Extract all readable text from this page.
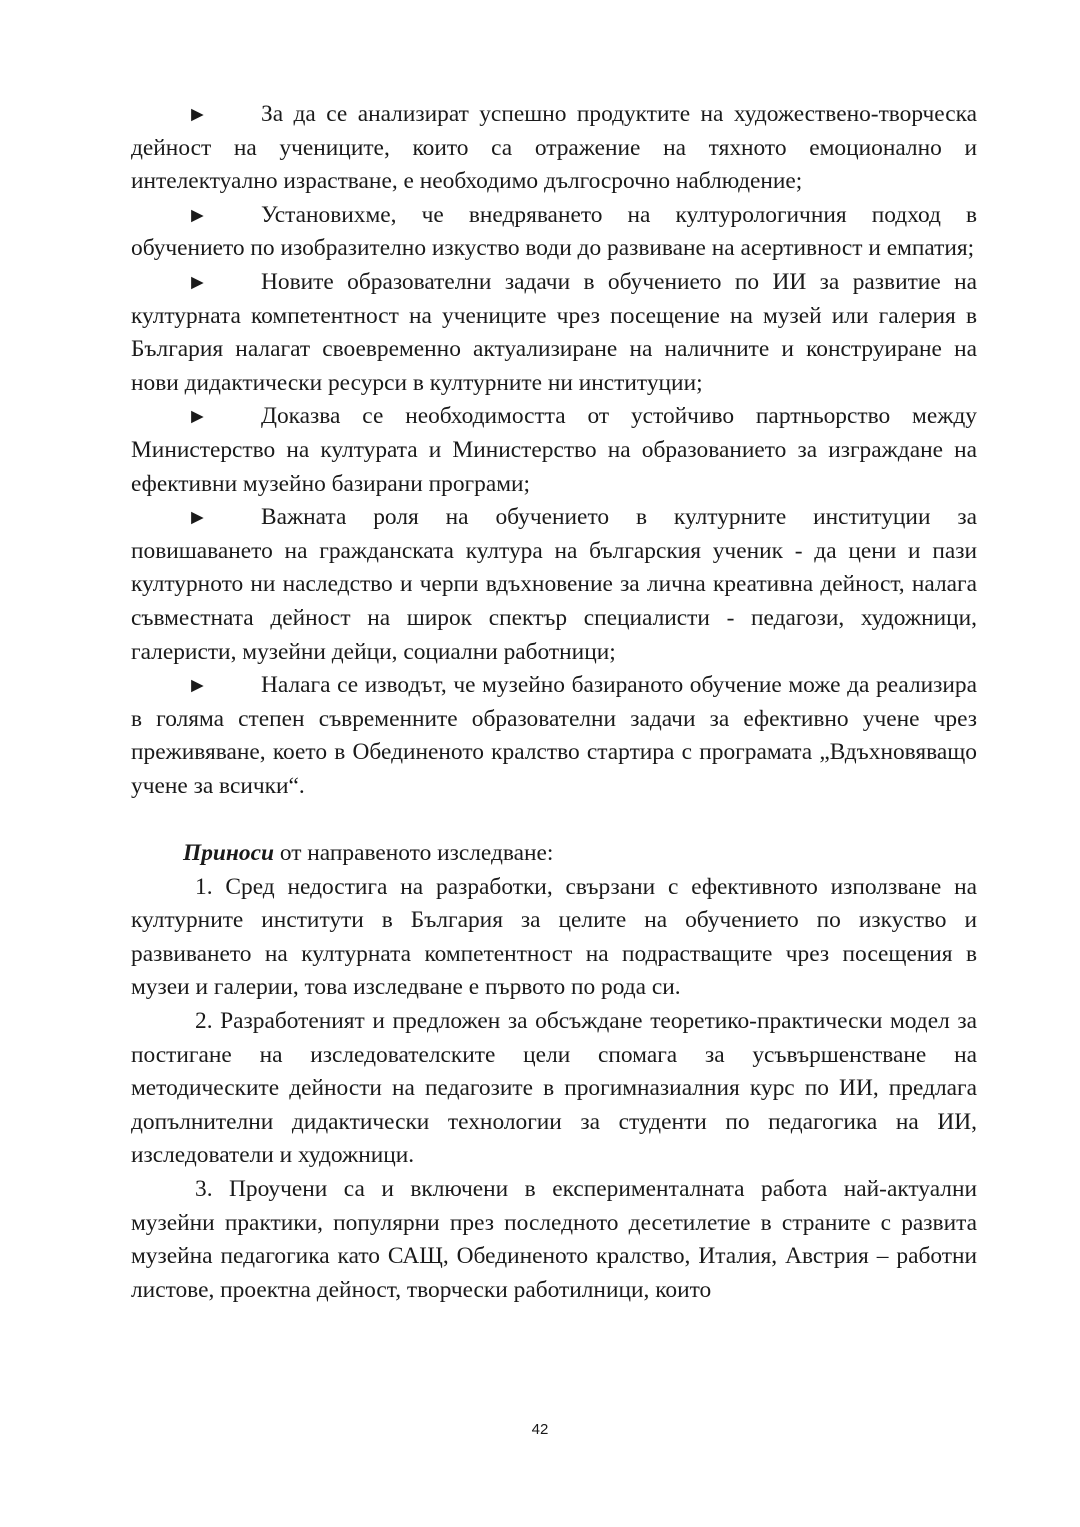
► За да се анализират успешно продуктите на художествено-творческа дейност на учениците, които са отражение на тяхното емоционално и интелектуално израстване, е необходимо дългосрочно наблюдение;

► Установихме, че внедряването на културологичния подход в обучението по изобразително изкуство води до развиване на асертивност и емпатия;

► Новите образователни задачи в обучението по ИИ за развитие на културната компетентност на учениците чрез посещение на музей или галерия в България налагат своевременно актуализиране на наличните и конструиране на нови дидактически ресурси в културните ни институции;

► Доказва се необходимостта от устойчиво партньорство между Министерство на културата и Министерство на образованието за изграждане на ефективни музейно базирани програми;

► Важната роля на обучението в културните институции за повишаването на гражданската култура на българския ученик - да цени и пази културното ни наследство и черпи вдъхновение за лична креативна дейност, налага съвместната дейност на широк спектър специалисти - педагози, художници, галеристи, музейни дейци, социални работници;

► Налага се изводът, че музейно базираното обучение може да реализира в голяма степен съвременните образователни задачи за ефективно учене чрез преживяване, което в Обединеното кралство стартира с програмата „Вдъхновяващо учене за всички“.

Приноси от направеното изследване:

1. Сред недостига на разработки, свързани с ефективното използване на културните институти в България за целите на обучението по изкуство и развиването на културната компетентност на подрастващите чрез посещения в музеи и галерии, това изследване е първото по рода си.

2. Разработеният и предложен за обсъждане теоретико-практически модел за постигане на изследователските цели спомага за усъвършенстване на методическите дейности на педагозите в прогимназиалния курс по ИИ, предлага допълнителни дидактически технологии за студенти по педагогика на ИИ, изследователи и художници.

3. Проучени са и включени в експерименталната работа най-актуални музейни практики, популярни през последното десетилетие в страните с развита музейна педагогика като САЩ, Обединеното кралство, Италия, Австрия – работни листове, проектна дейност, творчески работилници, които

42
